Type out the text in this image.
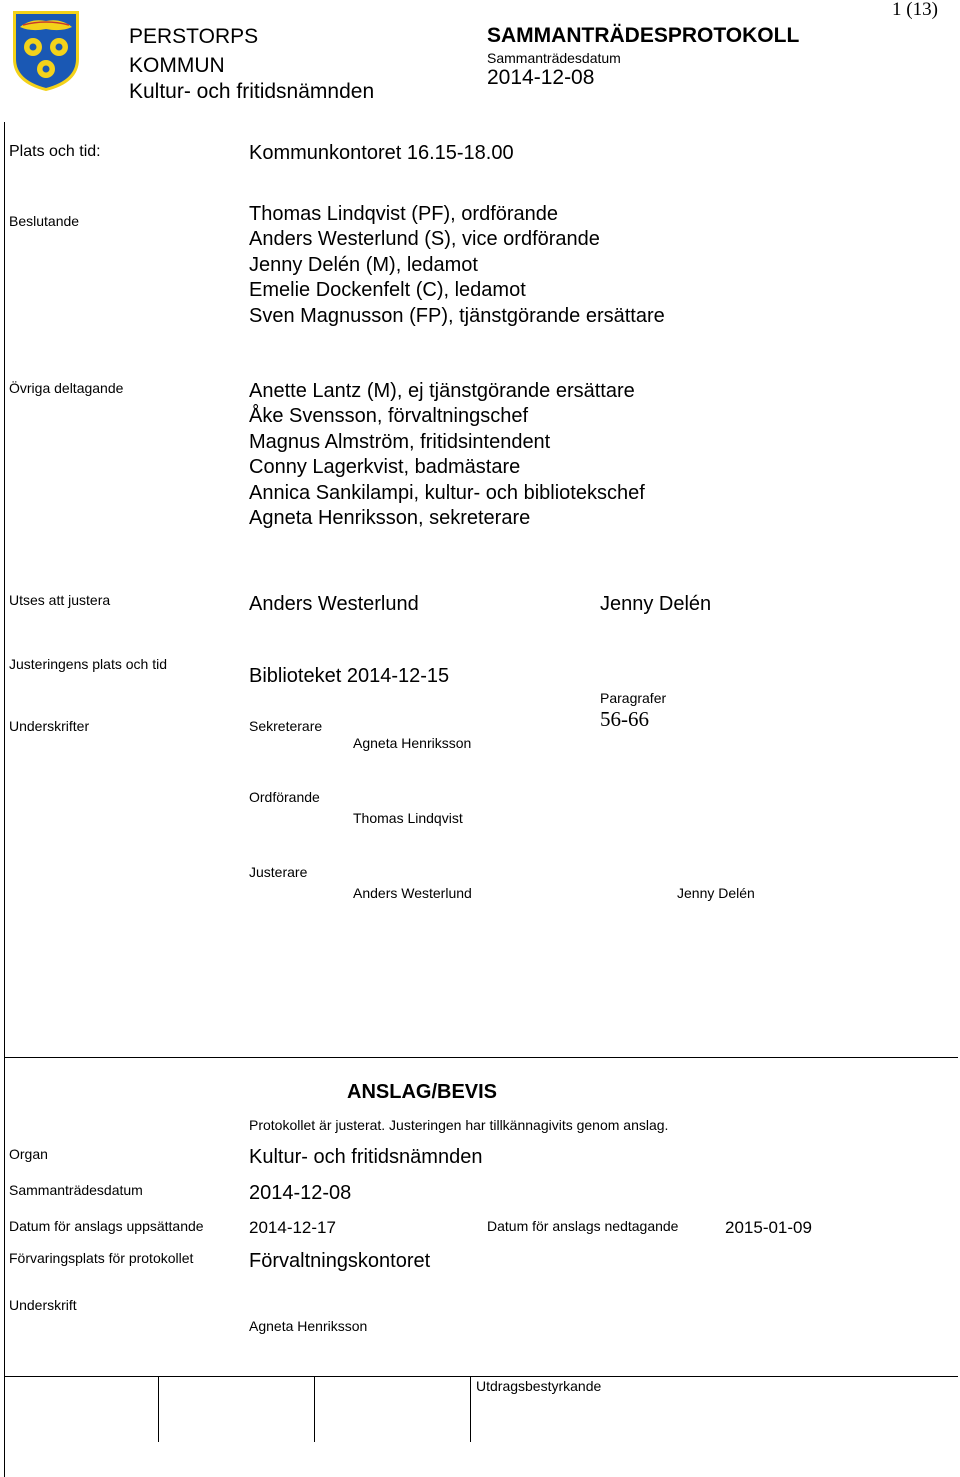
PERSTORPS
KOMMUN
Kultur- och fritidsnämnden
SAMMANTRÄDESPROTOKOLL
Sammanträdesdatum
2014-12-08
1 (13)
Plats och tid:	Kommunkontoret 16.15-18.00
Beslutande	Thomas Lindqvist (PF), ordförande
Anders Westerlund (S), vice ordförande
Jenny Delén (M), ledamot
Emelie Dockenfelt (C), ledamot
Sven Magnusson (FP), tjänstgörande ersättare
Övriga deltagande	Anette Lantz (M), ej tjänstgörande ersättare
Åke Svensson, förvaltningschef
Magnus Almström, fritidsintendent
Conny Lagerkvist, badmästare
Annica Sankilampi, kultur- och bibliotekschef
Agneta Henriksson, sekreterare
Utses att justera	Anders Westerlund	Jenny Delén
Justeringens plats och tid
Biblioteket 2014-12-15
Paragrafer
56-66
Underskrifter	Sekreterare
Agneta Henriksson
Ordförande
Thomas Lindqvist
Justerare
Anders Westerlund	Jenny Delén
ANSLAG/BEVIS
Protokollet är justerat. Justeringen har tillkännagivits genom anslag.
Organ	Kultur- och fritidsnämnden
Sammanträdesdatum	2014-12-08
Datum för anslags uppsättande	2014-12-17	Datum för anslags nedtagande	2015-01-09
Förvaringsplats för protokollet	Förvaltningskontoret
Underskrift
Agneta Henriksson
Utdragsbestyrkande
